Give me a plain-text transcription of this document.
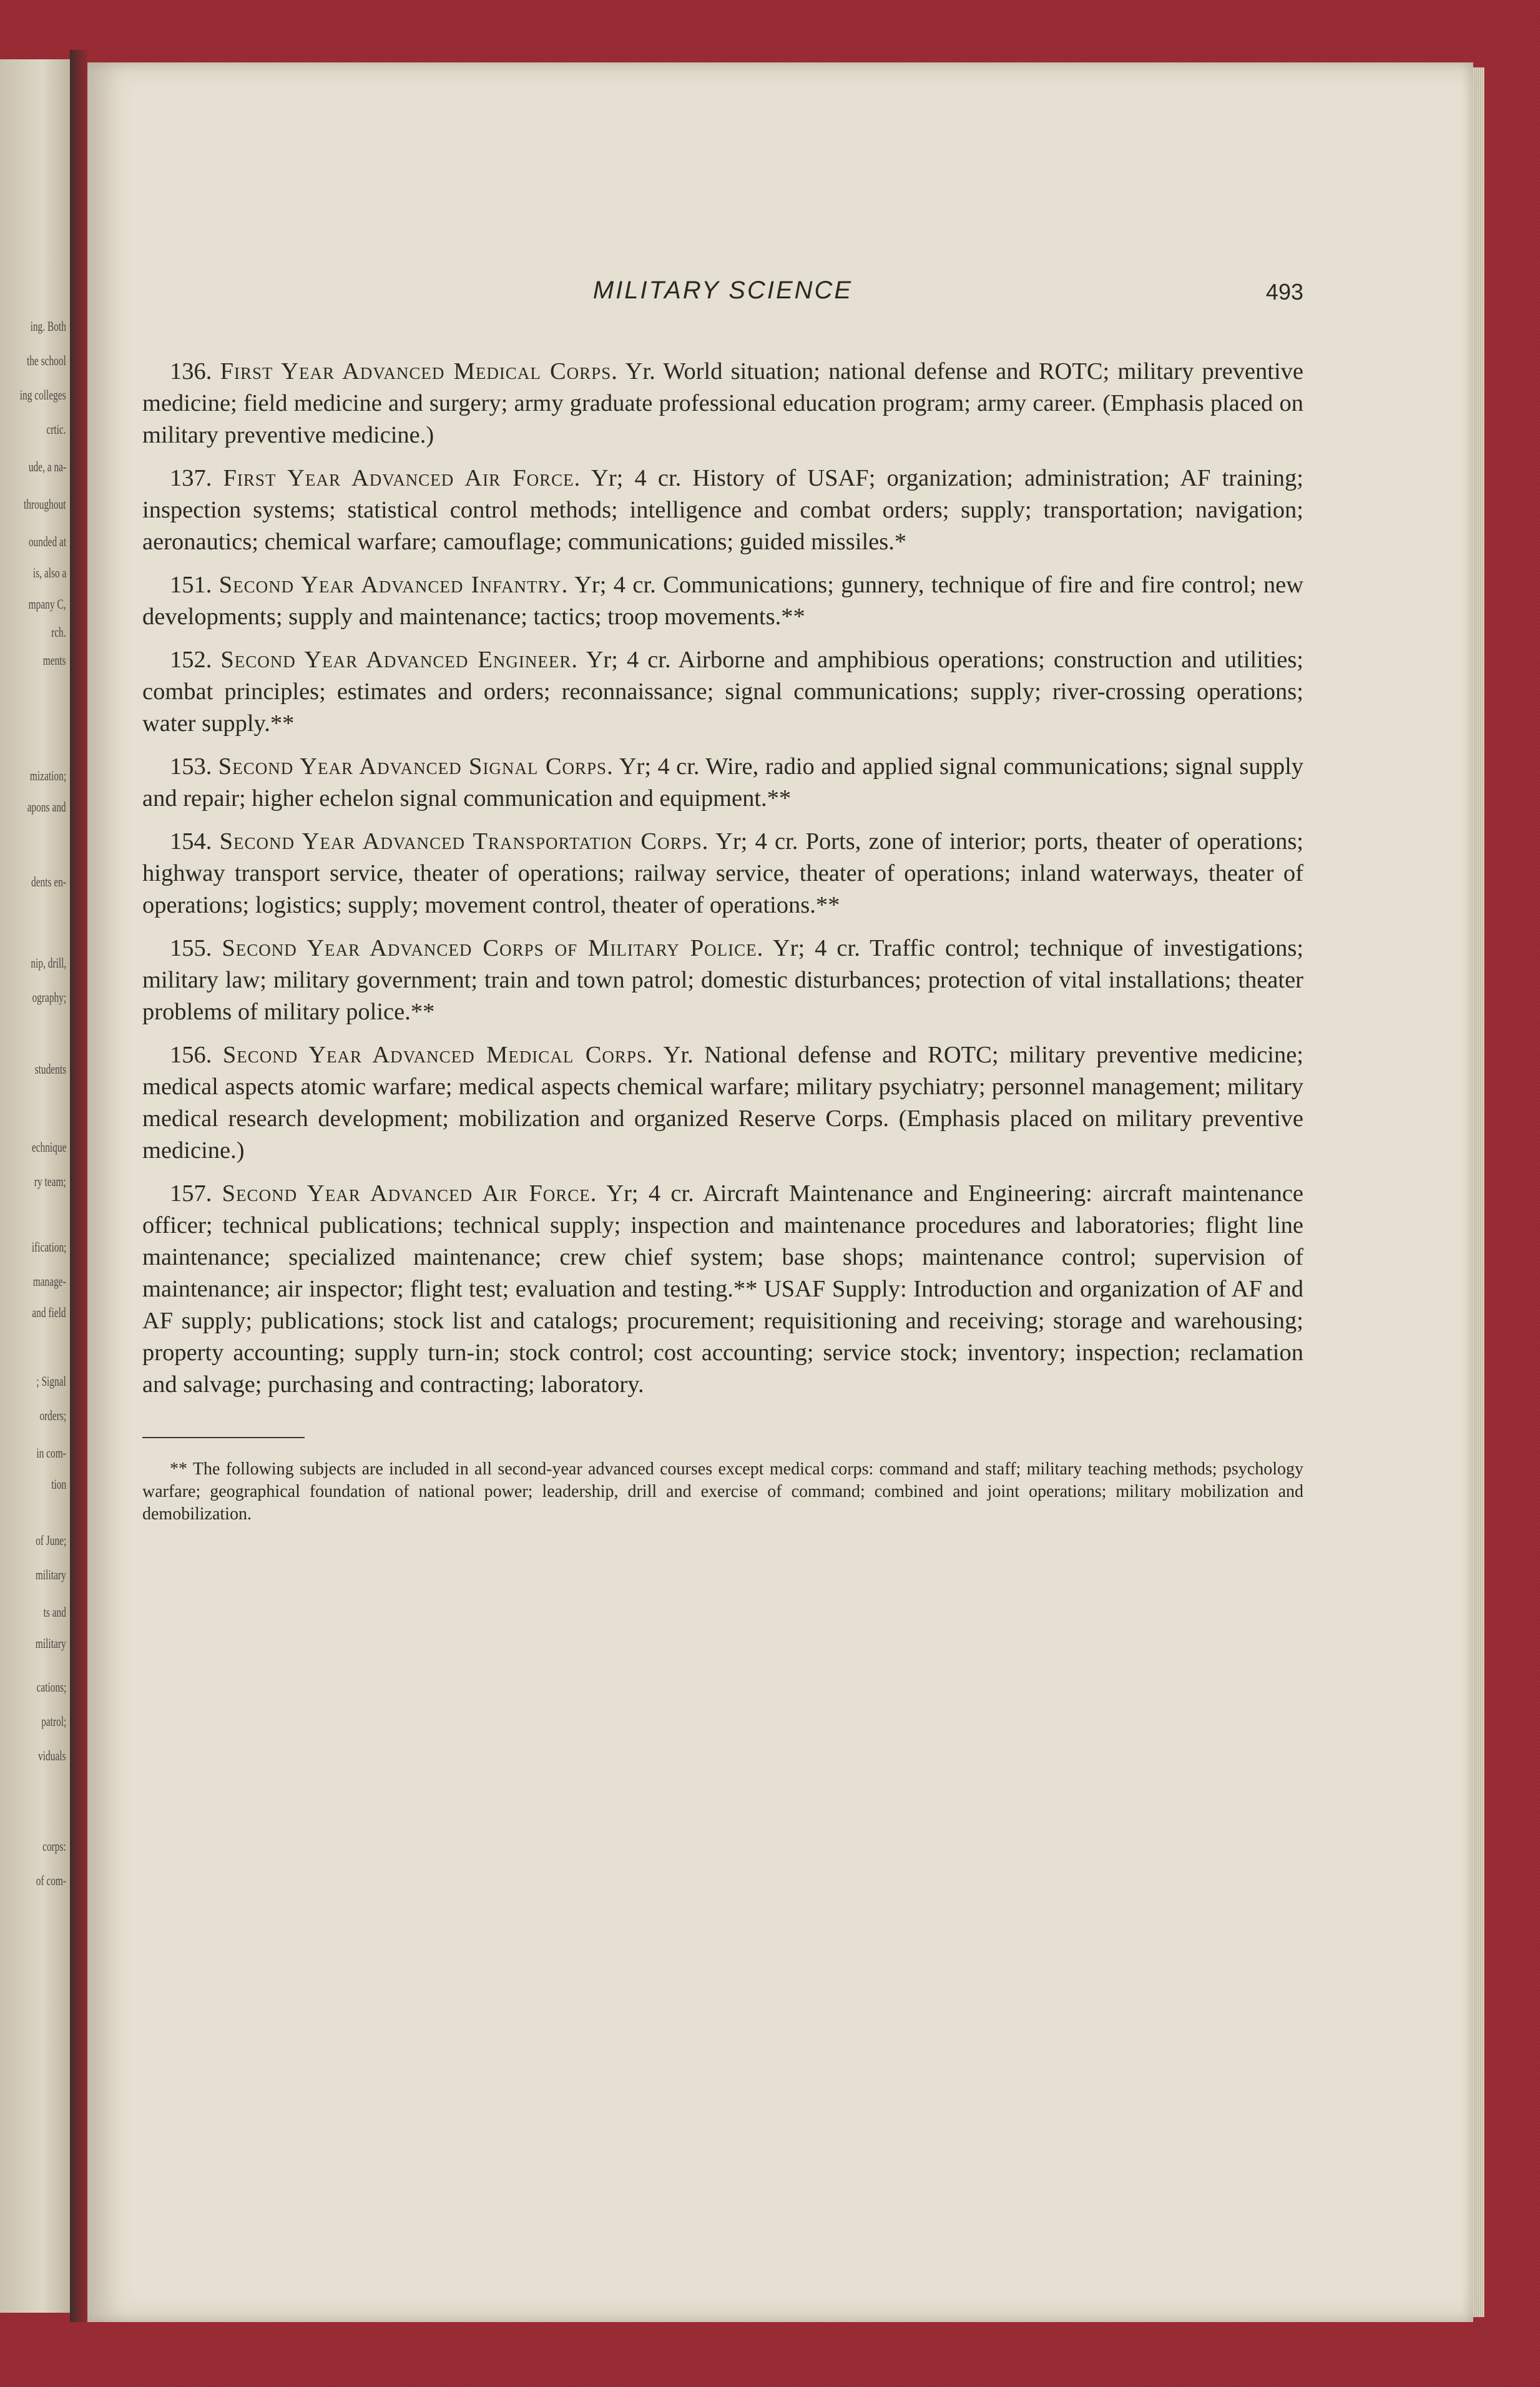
ing. Both
the school
ing colleges
crtic.
ude, a na-
throughout
ounded at
is, also a
mpany C,
rch.
ments
mization;
apons and
dents en-
nip, drill,
ography;
students
echnique
ry team;
ification;
manage-
and field
; Signal
orders;
in com-
tion
of June;
military
ts and
military
cations;
patrol;
viduals
corps:
of com-
MILITARY SCIENCE	493

136. First Year Advanced Medical Corps. Yr. World situation; national defense and ROTC; military preventive medicine; field medicine and surgery; army graduate professional education program; army career. (Emphasis placed on military preventive medicine.)

137. First Year Advanced Air Force. Yr; 4 cr. History of USAF; organization; administration; AF training; inspection systems; statistical control methods; intelligence and combat orders; supply; transportation; navigation; aeronautics; chemical warfare; camouflage; communications; guided missiles.*

151. Second Year Advanced Infantry. Yr; 4 cr. Communications; gunnery, technique of fire and fire control; new developments; supply and maintenance; tactics; troop movements.**

152. Second Year Advanced Engineer. Yr; 4 cr. Airborne and amphibious operations; construction and utilities; combat principles; estimates and orders; reconnaissance; signal communications; supply; river-crossing operations; water supply.**

153. Second Year Advanced Signal Corps. Yr; 4 cr. Wire, radio and applied signal communications; signal supply and repair; higher echelon signal communication and equipment.**

154. Second Year Advanced Transportation Corps. Yr; 4 cr. Ports, zone of interior; ports, theater of operations; highway transport service, theater of operations; railway service, theater of operations; inland waterways, theater of operations; logistics; supply; movement control, theater of operations.**

155. Second Year Advanced Corps of Military Police. Yr; 4 cr. Traffic control; technique of investigations; military law; military government; train and town patrol; domestic disturbances; protection of vital installations; theater problems of military police.**

156. Second Year Advanced Medical Corps. Yr. National defense and ROTC; military preventive medicine; medical aspects atomic warfare; medical aspects chemical warfare; military psychiatry; personnel management; military medical research development; mobilization and organized Reserve Corps. (Emphasis placed on military preventive medicine.)

157. Second Year Advanced Air Force. Yr; 4 cr. Aircraft Maintenance and Engineering: aircraft maintenance officer; technical publications; technical supply; inspection and maintenance procedures and laboratories; flight line maintenance; specialized maintenance; crew chief system; base shops; maintenance control; supervision of maintenance; air inspector; flight test; evaluation and testing.** USAF Supply: Introduction and organization of AF and AF supply; publications; stock list and catalogs; procurement; requisitioning and receiving; storage and warehousing; property accounting; supply turn-in; stock control; cost accounting; service stock; inventory; inspection; reclamation and salvage; purchasing and contracting; laboratory.

** The following subjects are included in all second-year advanced courses except medical corps: command and staff; military teaching methods; psychology warfare; geographical foundation of national power; leadership, drill and exercise of command; combined and joint operations; military mobilization and demobilization.
